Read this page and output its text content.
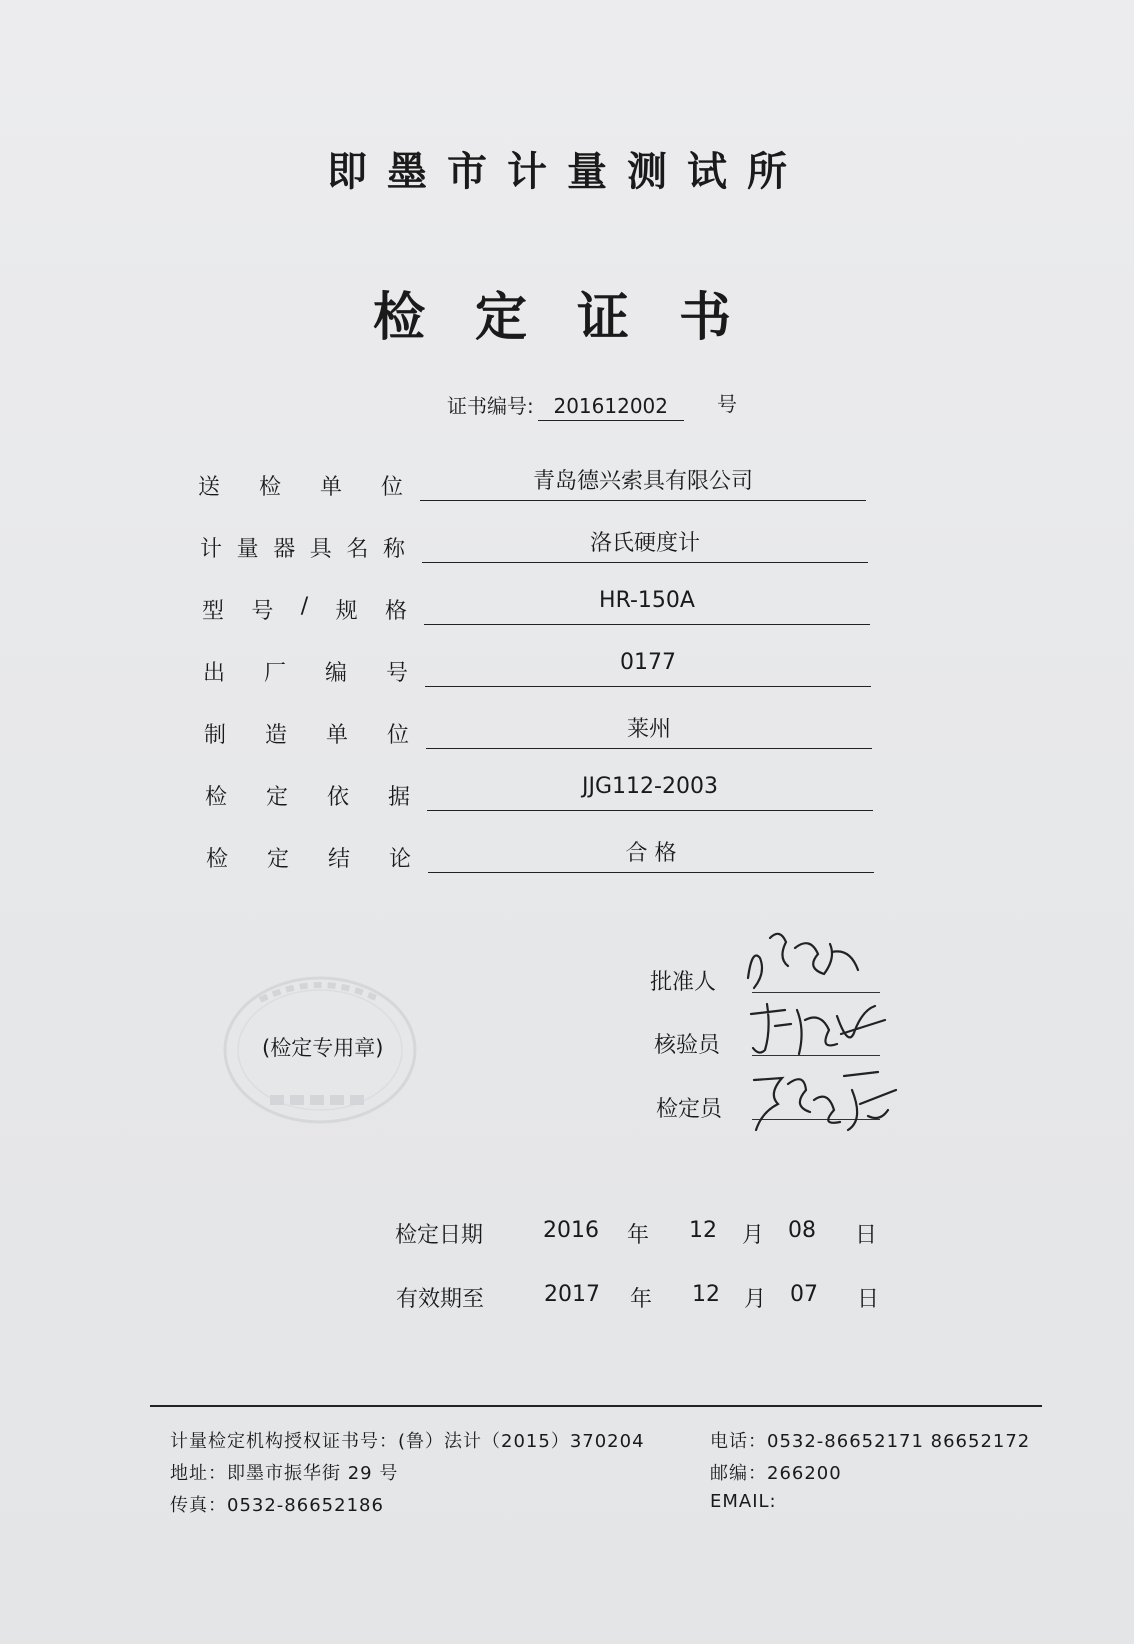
即墨市计量测试所
检定证书
证书编号: 201612002 号
送 检 单 位	青岛德兴索具有限公司
计 量 器 具 名 称	洛氏硬度计
型 号 / 规 格	HR-150A
出 厂 编 号	0177
制 造 单 位	莱州
检 定 依 据	JJG112-2003
检 定 结 论	合 格
(检定专用章)
批准人
核验员
检定员
检定日期	2016 年 12 月 08 日
有效期至	2017 年 12 月 07 日
计量检定机构授权证书号：(鲁）法计（2015）370204	电话：0532-86652171 86652172
地址：即墨市振华街 29 号	邮编：266200
传真：0532-86652186	EMAIL:
